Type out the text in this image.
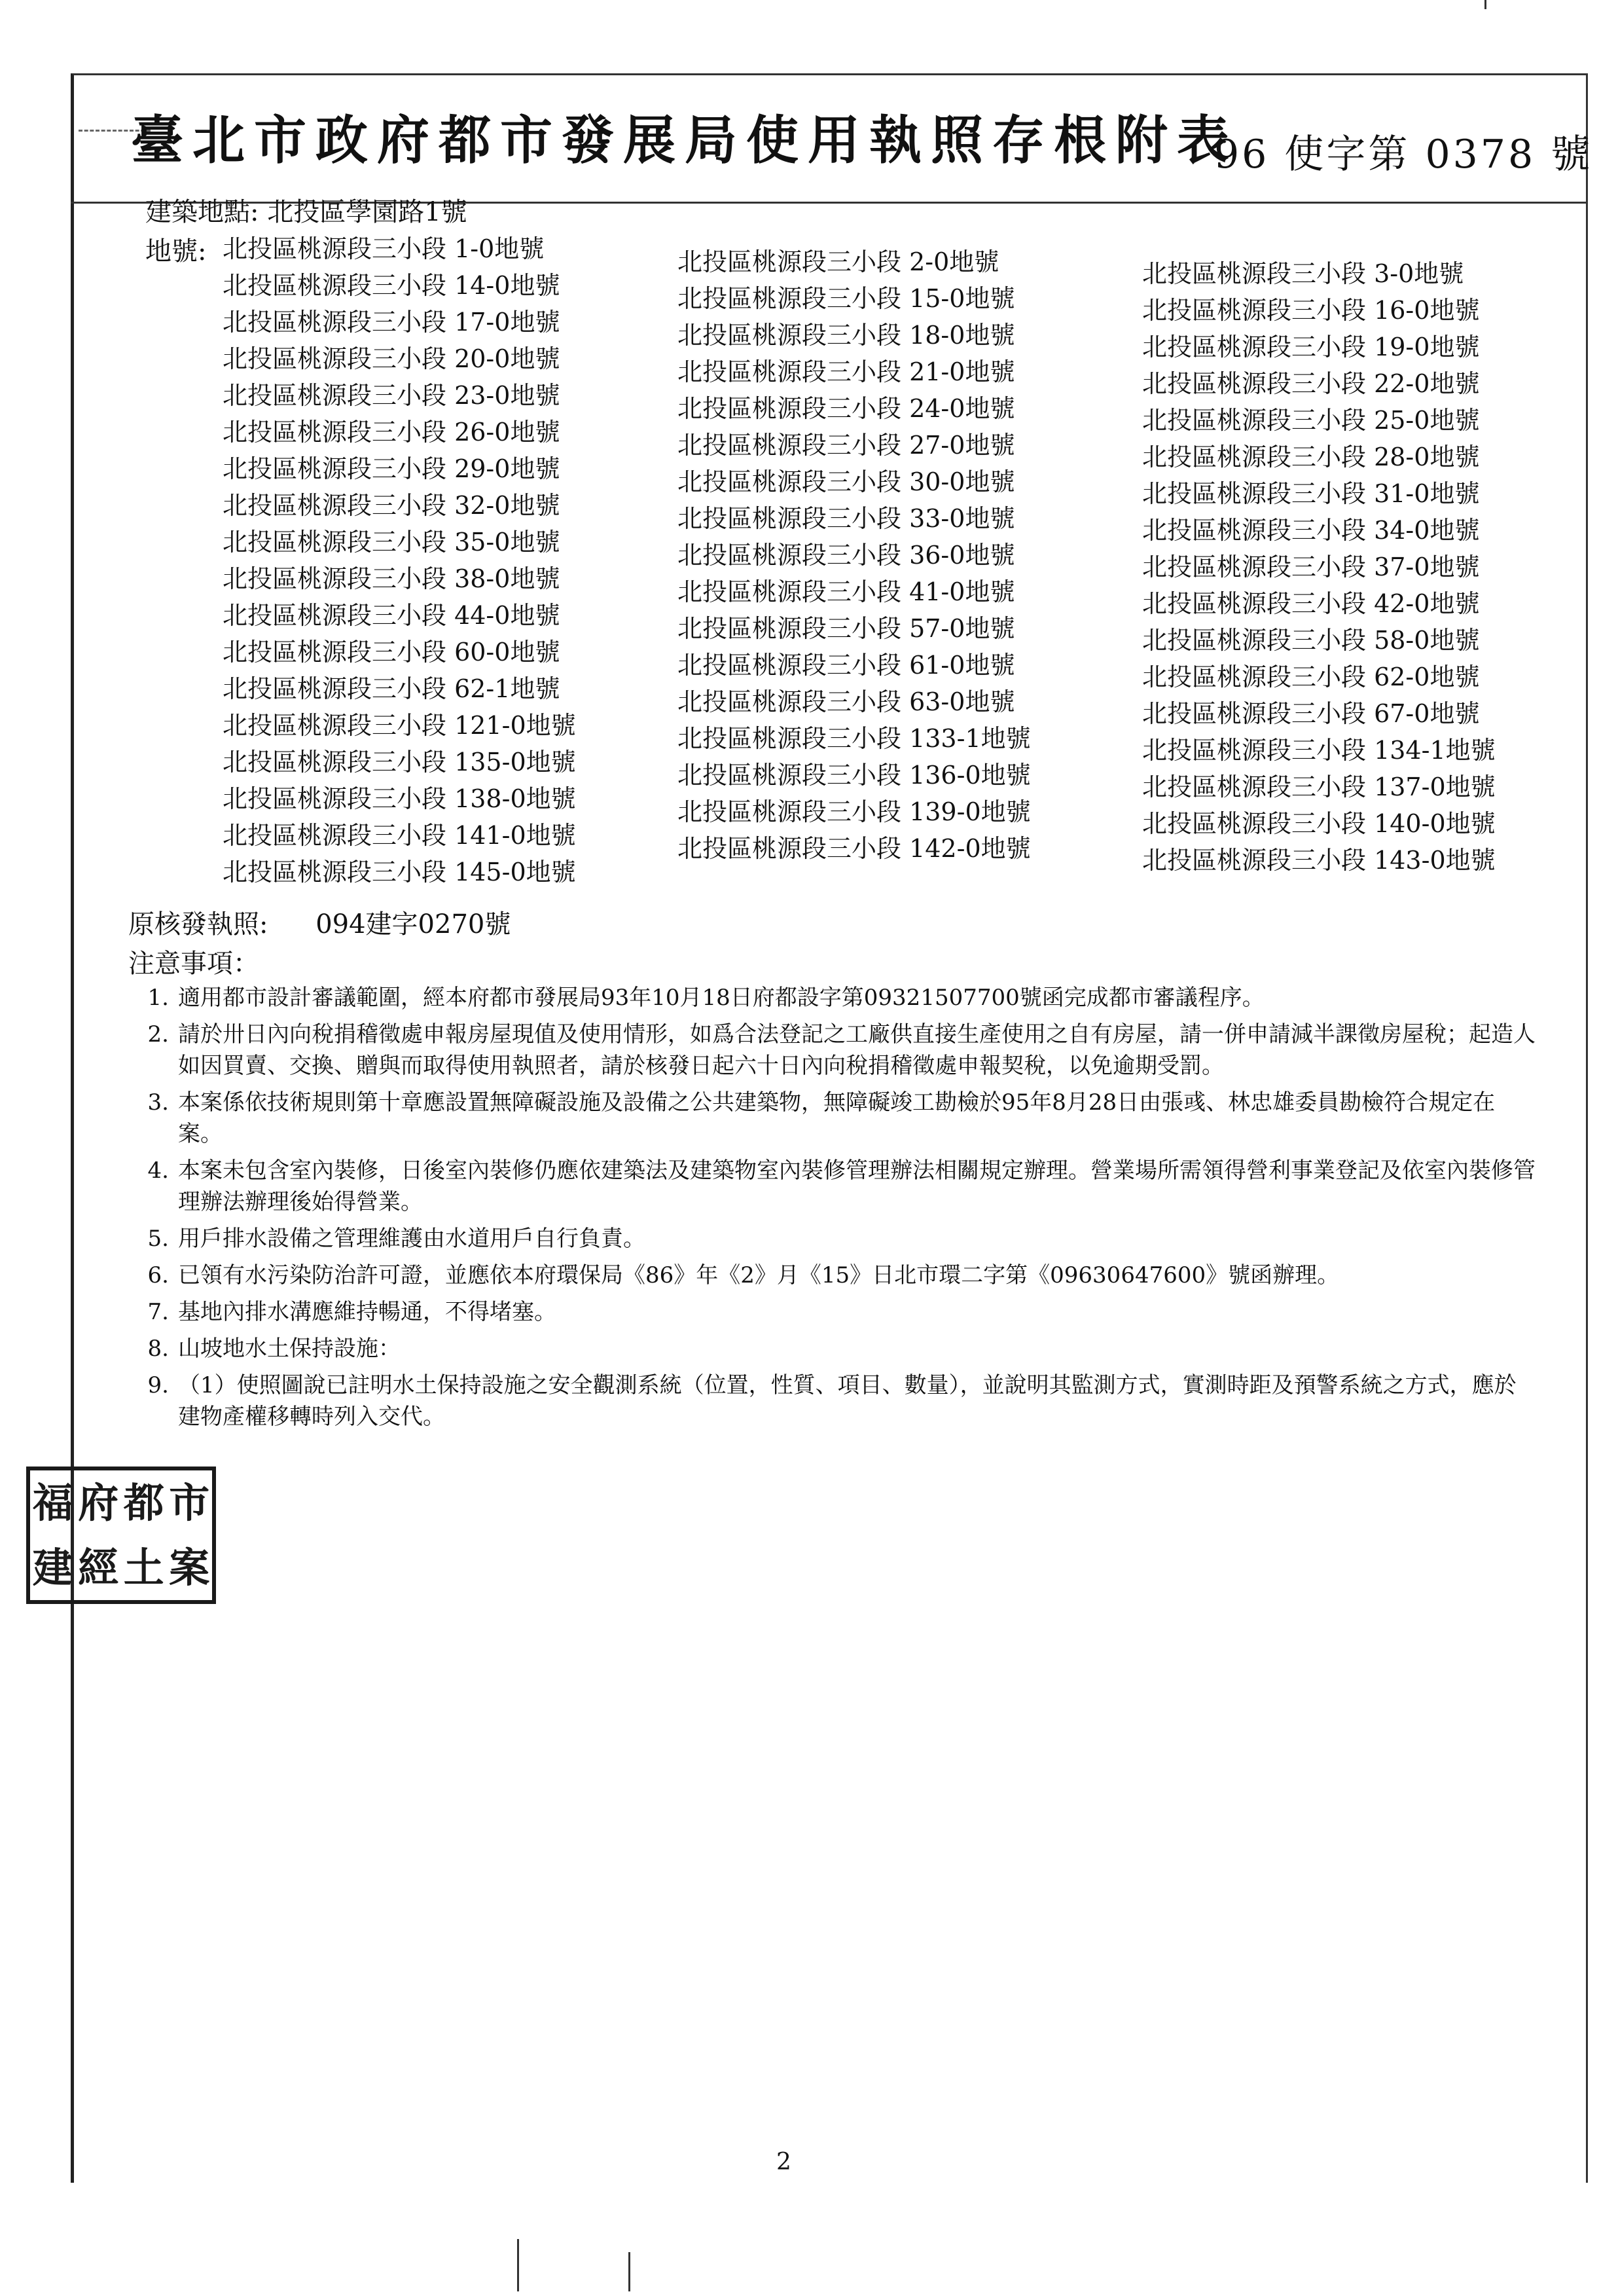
臺北市政府都市發展局使用執照存根附表
96 使字第 0378 號
建築地點: 北投區學園路1號
地號: 北投區桃源段三小段 1-0地號
北投區桃源段三小段 14-0地號
北投區桃源段三小段 17-0地號
北投區桃源段三小段 20-0地號
北投區桃源段三小段 23-0地號
北投區桃源段三小段 26-0地號
北投區桃源段三小段 29-0地號
北投區桃源段三小段 32-0地號
北投區桃源段三小段 35-0地號
北投區桃源段三小段 38-0地號
北投區桃源段三小段 44-0地號
北投區桃源段三小段 60-0地號
北投區桃源段三小段 62-1地號
北投區桃源段三小段 121-0地號
北投區桃源段三小段 135-0地號
北投區桃源段三小段 138-0地號
北投區桃源段三小段 141-0地號
北投區桃源段三小段 145-0地號
北投區桃源段三小段 2-0地號
北投區桃源段三小段 15-0地號
北投區桃源段三小段 18-0地號
北投區桃源段三小段 21-0地號
北投區桃源段三小段 24-0地號
北投區桃源段三小段 27-0地號
北投區桃源段三小段 30-0地號
北投區桃源段三小段 33-0地號
北投區桃源段三小段 36-0地號
北投區桃源段三小段 41-0地號
北投區桃源段三小段 57-0地號
北投區桃源段三小段 61-0地號
北投區桃源段三小段 63-0地號
北投區桃源段三小段 133-1地號
北投區桃源段三小段 136-0地號
北投區桃源段三小段 139-0地號
北投區桃源段三小段 142-0地號
北投區桃源段三小段 3-0地號
北投區桃源段三小段 16-0地號
北投區桃源段三小段 19-0地號
北投區桃源段三小段 22-0地號
北投區桃源段三小段 25-0地號
北投區桃源段三小段 28-0地號
北投區桃源段三小段 31-0地號
北投區桃源段三小段 34-0地號
北投區桃源段三小段 37-0地號
北投區桃源段三小段 42-0地號
北投區桃源段三小段 58-0地號
北投區桃源段三小段 62-0地號
北投區桃源段三小段 67-0地號
北投區桃源段三小段 134-1地號
北投區桃源段三小段 137-0地號
北投區桃源段三小段 140-0地號
北投區桃源段三小段 143-0地號
原核發執照: 094建字0270號
注意事項：
1. 適用都市設計審議範圍，經本府都市發展局93年10月18日府都設字第09321507700號函完成都市審議程序。
2. 請於卅日內向稅捐稽徵處申報房屋現值及使用情形，如爲合法登記之工廠供直接生產使用之自有房屋，請一併申請減半課徵房屋稅；起造人如因買賣、交換、贈與而取得使用執照者，請於核發日起六十日內向稅捐稽徵處申報契稅，以免逾期受罰。
3. 本案係依技術規則第十章應設置無障礙設施及設備之公共建築物，無障礙竣工勘檢於95年8月28日由張彧、林忠雄委員勘檢符合規定在案。
4. 本案未包含室內裝修，日後室內裝修仍應依建築法及建築物室內裝修管理辦法相關規定辦理。營業場所需領得營利事業登記及依室內裝修管理辦法辦理後始得營業。
5. 用戶排水設備之管理維護由水道用戶自行負責。
6. 已領有水污染防治許可證，並應依本府環保局《86》年《2》月《15》日北市環二字第《09630647600》號函辦理。
7. 基地內排水溝應維持暢通，不得堵塞。
8. 山坡地水土保持設施：
9. （1）使照圖說已註明水土保持設施之安全觀測系統（位置，性質、項目、數量），並說明其監測方式，實測時距及預警系統之方式，應於建物產權移轉時列入交代。
福 府 都 市
建 經 土 案
2
